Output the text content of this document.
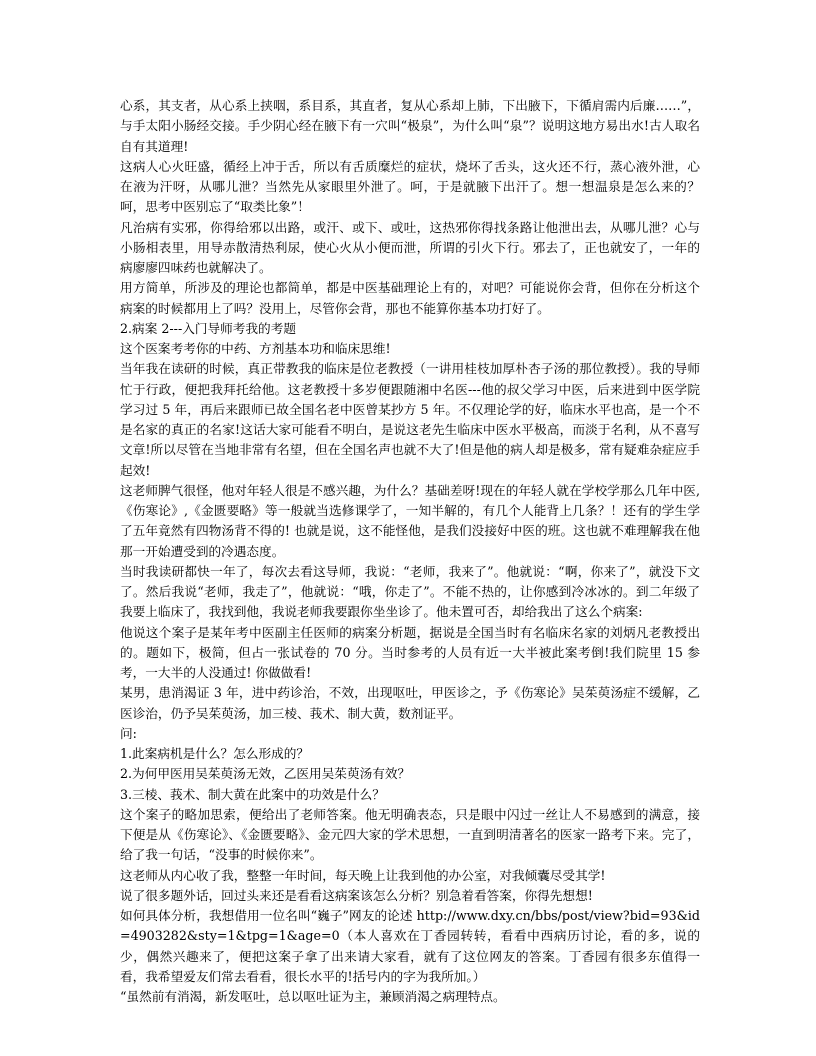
心系，其支者，从心系上挟咽，系目系，其直者，复从心系却上肺，下出腋下，下循肩需内后廉……”，与手太阳小肠经交接。手少阴心经在腋下有一穴叫“极泉”，为什么叫“泉”？说明这地方易出水!古人取名自有其道理!

这病人心火旺盛，循经上冲于舌，所以有舌质糜烂的症状，烧坏了舌头，这火还不行，蒸心液外泄，心在液为汗呀，从哪儿泄？当然先从家眼里外泄了。呵，于是就腋下出汗了。想一想温泉是怎么来的？呵，思考中医别忘了“取类比象”！

凡治病有实邪，你得给邪以出路，或汗、或下、或吐，这热邪你得找条路让他泄出去，从哪儿泄？心与小肠相表里，用导赤散清热利尿，使心火从小便而泄，所谓的引火下行。邪去了，正也就安了，一年的病廖廖四味药也就解决了。

用方简单，所涉及的理论也都简单，都是中医基础理论上有的，对吧？可能说你会背，但你在分析这个病案的时候都用上了吗？没用上，尽管你会背，那也不能算你基本功打好了。

2.病案 2---入门导师考我的考题

这个医案考考你的中药、方剂基本功和临床思维!

当年我在读研的时候，真正带教我的临床是位老教授（一讲用桂枝加厚朴杏子汤的那位教授）。我的导师忙于行政，便把我拜托给他。这老教授十多岁便跟随湘中名医---他的叔父学习中医，后来进到中医学院学习过 5 年，再后来跟师已故全国名老中医曾某抄方 5 年。不仅理论学的好，临床水平也高，是一个不是名家的真正的名家!这话大家可能看不明白，是说这老先生临床中医水平极高，而淡于名利，从不喜写文章!所以尽管在当地非常有名望，但在全国名声也就不大了!但是他的病人却是极多，常有疑难杂症应手起效!

这老师脾气很怪，他对年轻人很是不感兴趣，为什么？基础差呀!现在的年轻人就在学校学那么几年中医,《伤寒论》,《金匮要略》等一般就当选修课学了，一知半解的，有几个人能背上几条？！还有的学生学了五年竟然有四物汤背不得的! 也就是说，这不能怪他，是我们没接好中医的班。这也就不难理解我在他那一开始遭受到的冷遇态度。

当时我读研都快一年了，每次去看这导师，我说：“老师，我来了”。他就说：“啊，你来了”，就没下文了。然后我说“老师，我走了”，他就说：“哦，你走了”。不能不热的，让你感到冷冰冰的。到二年级了我要上临床了，我找到他，我说老师我要跟你坐坐诊了。他未置可否，却给我出了这么个病案:

他说这个案子是某年考中医副主任医师的病案分析题，据说是全国当时有名临床名家的刘炳凡老教授出的。题如下，极简，但占一张试卷的 70 分。当时参考的人员有近一大半被此案考倒!我们院里 15 参考，一大半的人没通过! 你做做看!

某男，患消渴证 3 年，进中药诊治，不效，出现呕吐，甲医诊之，予《伤寒论》吴茱萸汤症不缓解，乙医诊治，仍予吴茱萸汤，加三棱、莪术、制大黄，数剂证平。

问:

1.此案病机是什么？怎么形成的？

2.为何甲医用吴茱萸汤无效，乙医用吴茱萸汤有效？

3.三棱、莪术、制大黄在此案中的功效是什么？

这个案子的略加思索，便给出了老师答案。他无明确表态，只是眼中闪过一丝让人不易感到的满意，接下便是从《伤寒论》、《金匮要略》、金元四大家的学术思想，一直到明清著名的医家一路考下来。完了，给了我一句话，“没事的时候你来”。

这老师从内心收了我，整整一年时间，每天晚上让我到他的办公室，对我倾囊尽受其学!

说了很多题外话，回过头来还是看看这病案该怎么分析？别急着看答案，你得先想想!

如何具体分析，我想借用一位名叫“巍子”网友的论述 http://www.dxy.cn/bbs/post/view?bid=93&id=4903282&sty=1&tpg=1&age=0（本人喜欢在丁香园转转，看看中西病历讨论，看的多，说的少，偶然兴趣来了，便把这案子拿了出来请大家看，就有了这位网友的答案。丁香园有很多东值得一看，我希望爱友们常去看看，很长水平的!括号内的字为我所加。）

“虽然前有消渴，新发呕吐，总以呕吐证为主，兼顾消渴之病理特点。
